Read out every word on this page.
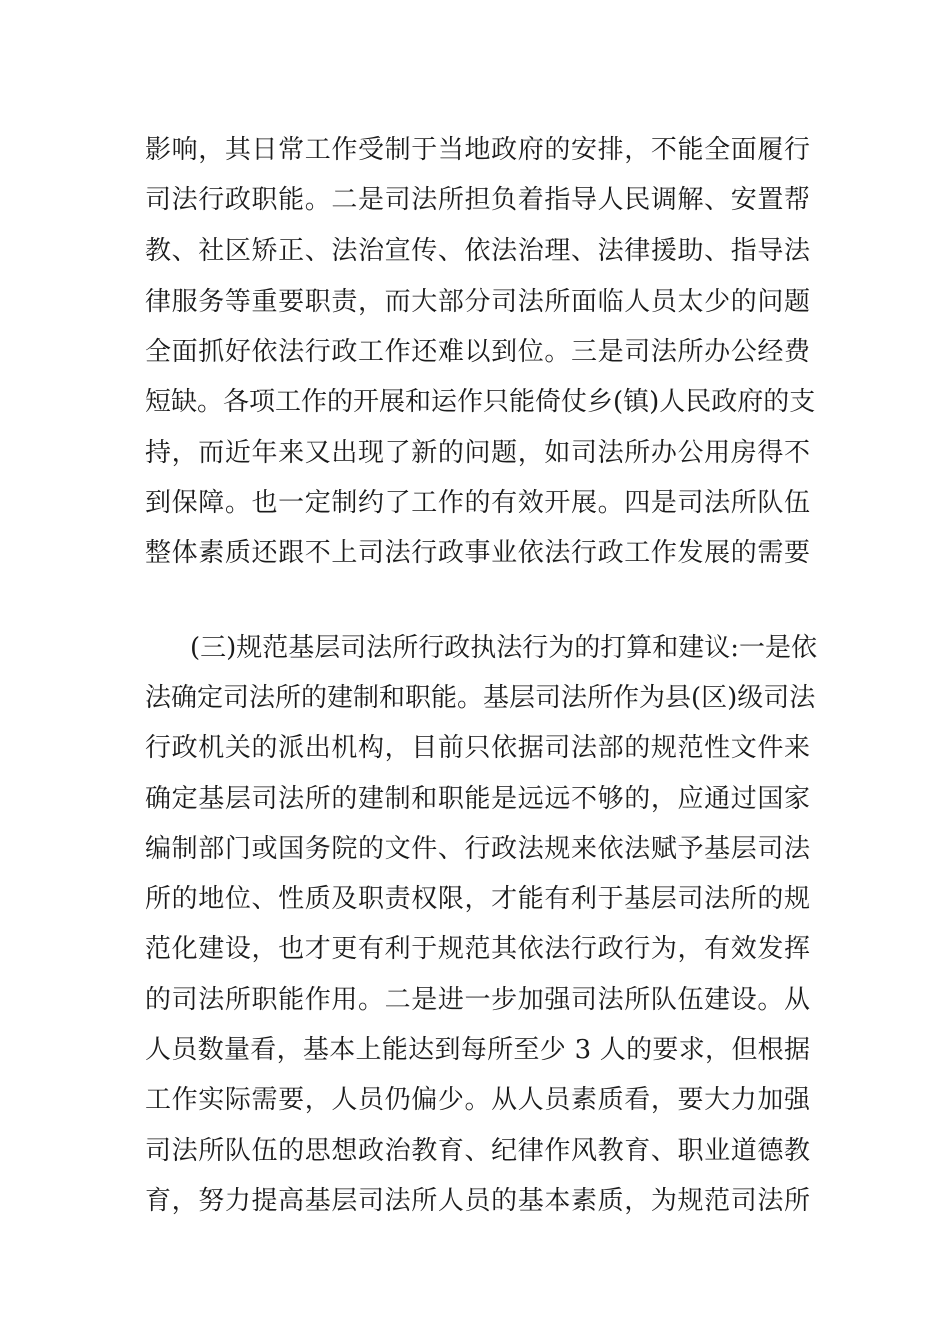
影响，其日常工作受制于当地政府的安排，不能全面履行
司法行政职能。二是司法所担负着指导人民调解、安置帮
教、社区矫正、法治宣传、依法治理、法律援助、指导法
律服务等重要职责，而大部分司法所面临人员太少的问题
全面抓好依法行政工作还难以到位。三是司法所办公经费
短缺。各项工作的开展和运作只能倚仗乡(镇)人民政府的支
持，而近年来又出现了新的问题，如司法所办公用房得不
到保障。也一定制约了工作的有效开展。四是司法所队伍
整体素质还跟不上司法行政事业依法行政工作发展的需要
(三)规范基层司法所行政执法行为的打算和建议:一是依
法确定司法所的建制和职能。基层司法所作为县(区)级司法
行政机关的派出机构，目前只依据司法部的规范性文件来
确定基层司法所的建制和职能是远远不够的，应通过国家
编制部门或国务院的文件、行政法规来依法赋予基层司法
所的地位、性质及职责权限，才能有利于基层司法所的规
范化建设，也才更有利于规范其依法行政行为，有效发挥
的司法所职能作用。二是进一步加强司法所队伍建设。从
人员数量看，基本上能达到每所至少 3 人的要求，但根据
工作实际需要，人员仍偏少。从人员素质看，要大力加强
司法所队伍的思想政治教育、纪律作风教育、职业道德教
育，努力提高基层司法所人员的基本素质，为规范司法所
